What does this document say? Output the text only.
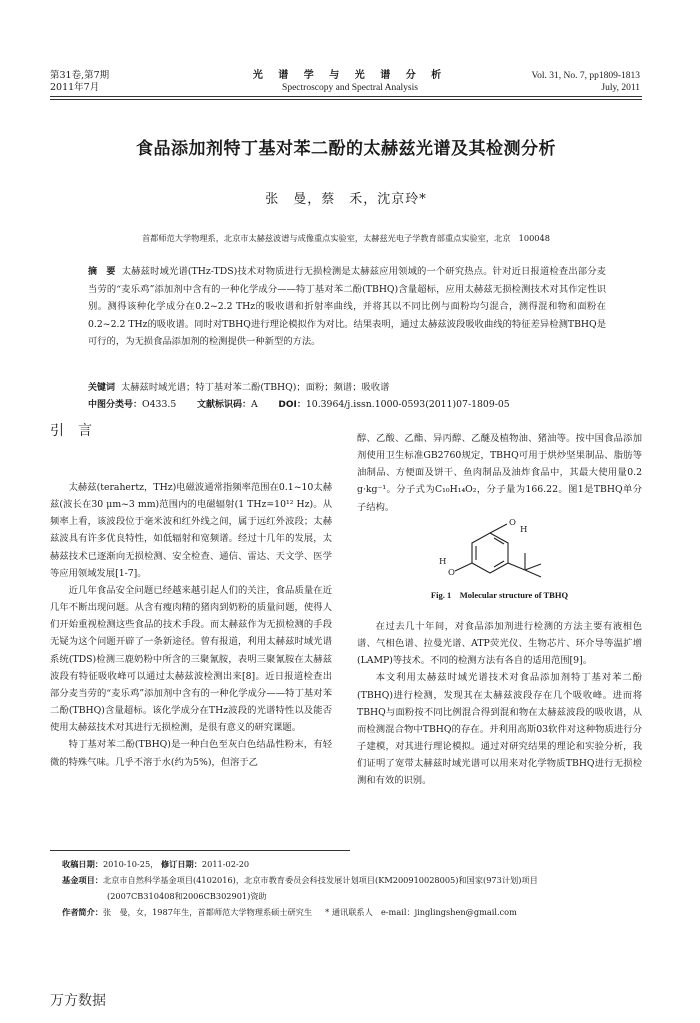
第31卷,第7期
2011年7月
光 谱 学 与 光 谱 分 析
Spectroscopy and Spectral Analysis
Vol. 31, No. 7, pp1809-1813
July, 2011
食品添加剂特丁基对苯二酚的太赫兹光谱及其检测分析
张　曼，蔡　禾，沈京玲*
首都师范大学物理系，北京市太赫兹波谱与成像重点实验室，太赫兹光电子学教育部重点实验室，北京　100048
摘　要 太赫兹时域光谱(THz-TDS)技术对物质进行无损检测是太赫兹应用领域的一个研究热点。针对近日报道检查出部分麦当劳的“麦乐鸡”添加剂中含有的一种化学成分——特丁基对苯二酚(TBHQ)含量超标，应用太赫兹无损检测技术对其作定性识别。测得该种化学成分在0.2~2.2 THz的吸收谱和折射率曲线，并将其以不同比例与面粉均匀混合，测得混和物和面粉在0.2~2.2 THz的吸收谱。同时对TBHQ进行理论模拟作为对比。结果表明，通过太赫兹波段吸收曲线的特征差异检测TBHQ是可行的，为无损食品添加剂的检测提供一种新型的方法。
关键词 太赫兹时域光谱；特丁基对苯二酚(TBHQ)；面粉；频谱；吸收谱
中图分类号：O433.5 文献标识码：A DOI：10.3964/j.issn.1000-0593(2011)07-1809-05
引言

太赫兹(terahertz，THz)电磁波通常指频率范围在0.1~10太赫兹(波长在30 μm~3 mm)范围内的电磁辐射(1 THz=10¹² Hz)。从频率上看，该波段位于毫米波和红外线之间，属于远红外波段；太赫兹波具有许多优良特性，如低辐射和宽频谱。经过十几年的发展，太赫兹技术已逐渐向无损检测、安全检查、通信、雷达、天文学、医学等应用领域发展[1-7]。

近几年食品安全问题已经越来越引起人们的关注，食品质量在近几年不断出现问题。从含有瘦肉精的猪肉到奶粉的质量问题，使得人们开始重视检测这些食品的技术手段。而太赫兹作为无损检测的手段无疑为这个问题开辟了一条新途径。曾有报道，利用太赫兹时域光谱系统(TDS)检测三鹿奶粉中所含的三聚氰胺，表明三聚氰胺在太赫兹波段有特征吸收峰可以通过太赫兹波检测出来[8]。近日报道检查出部分麦当劳的“麦乐鸡”添加剂中含有的一种化学成分——特丁基对苯二酚(TBHQ)含量超标。该化学成分在THz波段的光谱特性以及能否使用太赫兹技术对其进行无损检测，是很有意义的研究课题。

特丁基对苯二酚(TBHQ)是一种白色至灰白色结晶性粉末，有轻微的特殊气味。几乎不溶于水(约为5%)，但溶于乙

醇、乙酸、乙酯、异丙醇、乙醚及植物油、猪油等。按中国食品添加剂使用卫生标准GB2760规定，TBHQ可用于烘炒坚果制品、脂肪等油制品、方便面及饼干、鱼肉制品及油炸食品中，其最大使用量0.2 g·kg⁻¹。分子式为C₁₀H₁₄O₂，分子量为166.22。图1是TBHQ单分子结构。

O
H
H
O
Fig. 1　Molecular structure of TBHQ

在过去几十年间，对食品添加剂进行检测的方法主要有液相色谱、气相色谱、拉曼光谱、ATP荧光仪、生物芯片、环介导等温扩增(LAMP)等技术。不同的检测方法有各自的适用范围[9]。

本文利用太赫兹时域光谱技术对食品添加剂特丁基对苯二酚(TBHQ)进行检测，发现其在太赫兹波段存在几个吸收峰。进而将TBHQ与面粉按不同比例混合得到混和物在太赫兹波段的吸收谱，从而检测混合物中TBHQ的存在。并利用高斯03软件对这种物质进行分子建模，对其进行理论模拟。通过对研究结果的理论和实验分析，我们证明了宽带太赫兹时域光谱可以用来对化学物质TBHQ进行无损检测和有效的识别。

收稿日期：2010-10-25， 修订日期：2011-02-20
基金项目：北京市自然科学基金项目(4102016)，北京市教育委员会科技发展计划项目(KM200910028005)和国家(973计划)项目
(2007CB310408和2006CB302901)资助
作者简介：张　曼，女，1987年生，首都师范大学物理系硕士研究生 * 通讯联系人　e-mail：jinglingshen@gmail.com
万方数据
